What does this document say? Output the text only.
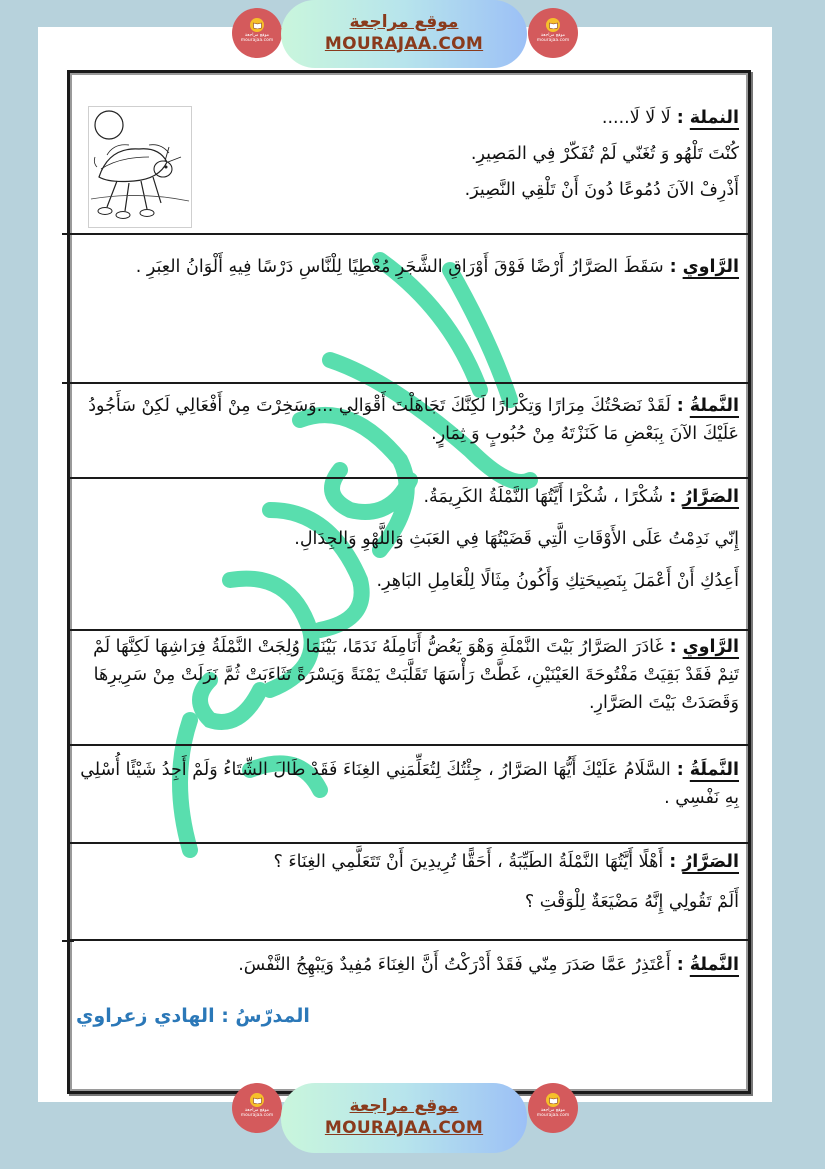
موقع مراجعة
mourajaa.com
موقع مراجعة
MOURAJAA.COM	موقع مراجعة
mourajaa.com

النملة:لَا لَا لَا.....

كُنْتَ تَلْهُو وَ تُغَنّي لَمْ تُفَكّرْ فِي المَصِيرِ.

أَذْرِفْ الآنَ دُمُوعًا دُونَ أَنْ تَلْقِي النَّصِيرَ.

الرَّاوي:سَقَطَ الصَرَّارُ أَرْضًا فَوْقَ أَوْرَاقِ الشَّجَرِ مُعْطِيًا لِلْنَّاسِ دَرْسًا فِيهِ أَلْوَانُ العِبَرِ .

النَّملةُ:لَقَدْ نَصَحْتُكَ مِرَارًا وَتِكْرَارًا لَكِنَّكَ تَجَاهَلْتَ أَقْوَالِي ...وَسَخِرْتَ مِنْ أَفْعَالِي لَكِنْ سَأَجُودُ عَلَيْكَ الآنَ بِبَعْضِ مَا كَنَزْتَهُ مِنْ حُبُوبٍ وَ ثِمَارٍ.

الصَرَّارُ:شُكْرًا ، شُكْرًا أَيَّتُهَا النَّمْلَةُ الكَرِيمَةُ.

إِنّي نَدِمْتُ عَلَى الأَوْقَاتِ الَّتِي قَضَيْتُهَا فِي العَبَثِ وَاللَّهْوِ وَالجِدَالِ.

أَعِدُكِ أَنْ أَعْمَلَ بِنَصِيحَتِكِ وَأَكُونُ مِثَالًا لِلْعَامِلِ البَاهِرِ.

الرَّاوي:غَادَرَ الصَرَّارُ بَيْتَ النَّمْلَةِ وَهْوَ يَعُضُّ أَنَامِلَهُ نَدَمًا، بَيْنَمَا وُلِجَتْ النَّمْلَةُ فِرَاشِهَا لَكِنَّهَا لَمْ تَنِمْ فَقَدْ بَقِيَتْ مَفْتُوحَةَ العَيْنَيْنِ، غَطَّتْ رَأْسَهَا تَقَلَّبَتْ يَمْنَةً وَيَسْرَةً تَثَاءَبَتْ ثُمَّ نَزَلَتْ مِنْ سَرِيرِهَا وَقَصَدَتْ بَيْتَ الصَرَّارِ.

النَّملَةُ:السَّلَامُ عَلَيْكَ أَيُّهَا الصَرَّارُ ، جِئْتُكَ لِتُعَلِّمَنِي الغِنَاءَ فَقَدْ طَالَ الشِّتَاءُ وَلَمْ أَجِدُ شَيْئًا أُسْلِي بِهِ نَفْسِي .

الصَرَّارُ:أَهْلًا أَيَّتُهَا النَّمْلَةُ الطَيِّبَةُ ، أَحَقًّا تُرِيدِينَ أَنْ تَتَعَلَّمِي الغِنَاءَ ؟

أَلَمْ تَقُولِي إِنَّهُ مَضْيَعَةٌ لِلْوَقْتِ ؟

النَّملةُ:أَعْتَذِرُ عَمَّا صَدَرَ مِنّي فَقَدْ أَدْرَكْتُ أَنَّ الغِنَاءَ مُفِيدٌ وَيَبْهِجُ النَّفْسَ.

المدرّسُ : الهادي زعراوي
موقع مراجعة
mourajaa.com	موقع مراجعة
MOURAJAA.COM
موقع مراجعة
mourajaa.com
